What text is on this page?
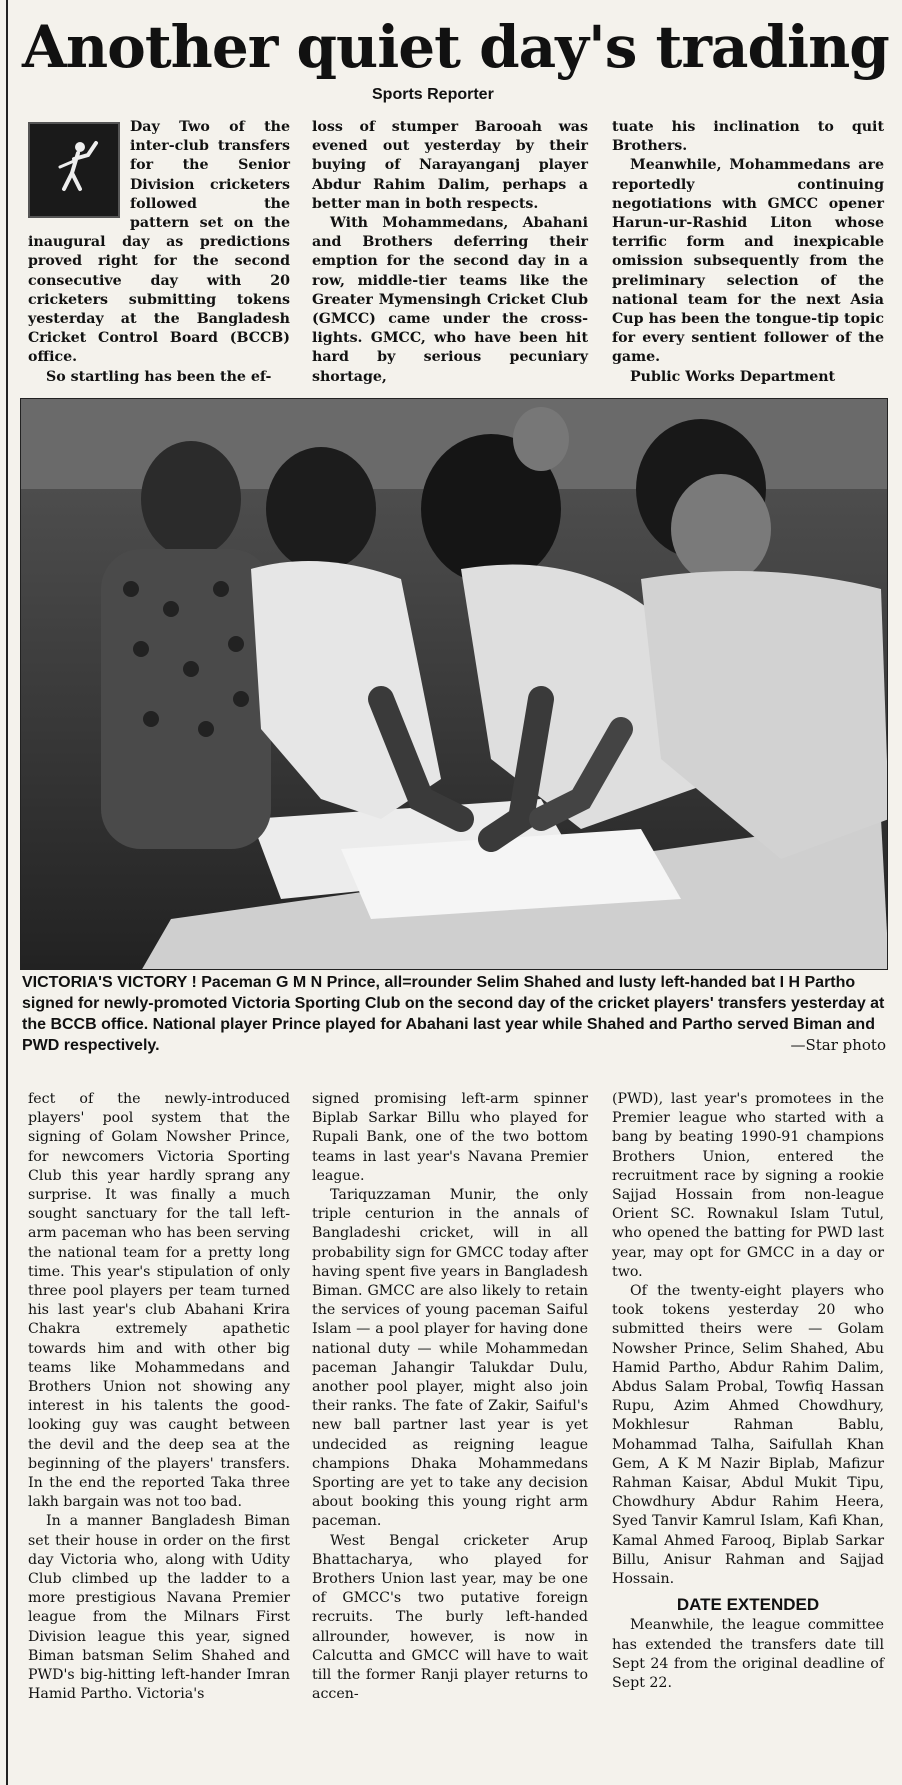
Another quiet day's trading
Sports Reporter

Day Two of the inter-club transfers for the Senior Division cricketers followed the pattern set on the inaugural day as predictions proved right for the second consecutive day with 20 cricketers submitting tokens yesterday at the Bangladesh Cricket Control Board (BCCB) office.

So startling has been the ef-

loss of stumper Barooah was evened out yesterday by their buying of Narayanganj player Abdur Rahim Dalim, perhaps a better man in both respects.

With Mohammedans, Abahani and Brothers deferring their emption for the second day in a row, middle-tier teams like the Greater Mymensingh Cricket Club (GMCC) came under the cross-lights. GMCC, who have been hit hard by serious pecuniary shortage,

tuate his inclination to quit Brothers.

Meanwhile, Mohammedans are reportedly continuing negotiations with GMCC opener Harun-ur-Rashid Liton whose terrific form and inexpicable omission subsequently from the preliminary selection of the national team for the next Asia Cup has been the tongue-tip topic for every sentient follower of the game.

Public Works Department

VICTORIA'S VICTORY ! Paceman G M N Prince, all=rounder Selim Shahed and lusty left-handed bat I H Partho signed for newly-promoted Victoria Sporting Club on the second day of the cricket players' transfers yesterday at the BCCB office. National player Prince played for Abahani last year while Shahed and Partho served Biman and PWD respectively.	—Star photo

fect of the newly-introduced players' pool system that the signing of Golam Nowsher Prince, for newcomers Victoria Sporting Club this year hardly sprang any surprise. It was finally a much sought sanctuary for the tall left-arm paceman who has been serving the national team for a pretty long time. This year's stipulation of only three pool players per team turned his last year's club Abahani Krira Chakra extremely apathetic towards him and with other big teams like Mohammedans and Brothers Union not showing any interest in his talents the good-looking guy was caught between the devil and the deep sea at the beginning of the players' transfers. In the end the reported Taka three lakh bargain was not too bad.

In a manner Bangladesh Biman set their house in order on the first day Victoria who, along with Udity Club climbed up the ladder to a more prestigious Navana Premier league from the Milnars First Division league this year, signed Biman batsman Selim Shahed and PWD's big-hitting left-hander Imran Hamid Partho. Victoria's

signed promising left-arm spinner Biplab Sarkar Billu who played for Rupali Bank, one of the two bottom teams in last year's Navana Premier league.

Tariquzzaman Munir, the only triple centurion in the annals of Bangladeshi cricket, will in all probability sign for GMCC today after having spent five years in Bangladesh Biman. GMCC are also likely to retain the services of young paceman Saiful Islam — a pool player for having done national duty — while Mohammedan paceman Jahangir Talukdar Dulu, another pool player, might also join their ranks. The fate of Zakir, Saiful's new ball partner last year is yet undecided as reigning league champions Dhaka Mohammedans Sporting are yet to take any decision about booking this young right arm paceman.

West Bengal cricketer Arup Bhattacharya, who played for Brothers Union last year, may be one of GMCC's two putative foreign recruits. The burly left-handed allrounder, however, is now in Calcutta and GMCC will have to wait till the former Ranji player returns to accen-

(PWD), last year's promotees in the Premier league who started with a bang by beating 1990-91 champions Brothers Union, entered the recruitment race by signing a rookie Sajjad Hossain from non-league Orient SC. Rownakul Islam Tutul, who opened the batting for PWD last year, may opt for GMCC in a day or two.

Of the twenty-eight players who took tokens yesterday 20 who submitted theirs were — Golam Nowsher Prince, Selim Shahed, Abu Hamid Partho, Abdur Rahim Dalim, Abdus Salam Probal, Towfiq Hassan Rupu, Azim Ahmed Chowdhury, Mokhlesur Rahman Bablu, Mohammad Talha, Saifullah Khan Gem, A K M Nazir Biplab, Mafizur Rahman Kaisar, Abdul Mukit Tipu, Chowdhury Abdur Rahim Heera, Syed Tanvir Kamrul Islam, Kafi Khan, Kamal Ahmed Farooq, Biplab Sarkar Billu, Anisur Rahman and Sajjad Hossain.

DATE EXTENDED

Meanwhile, the league committee has extended the transfers date till Sept 24 from the original deadline of Sept 22.
